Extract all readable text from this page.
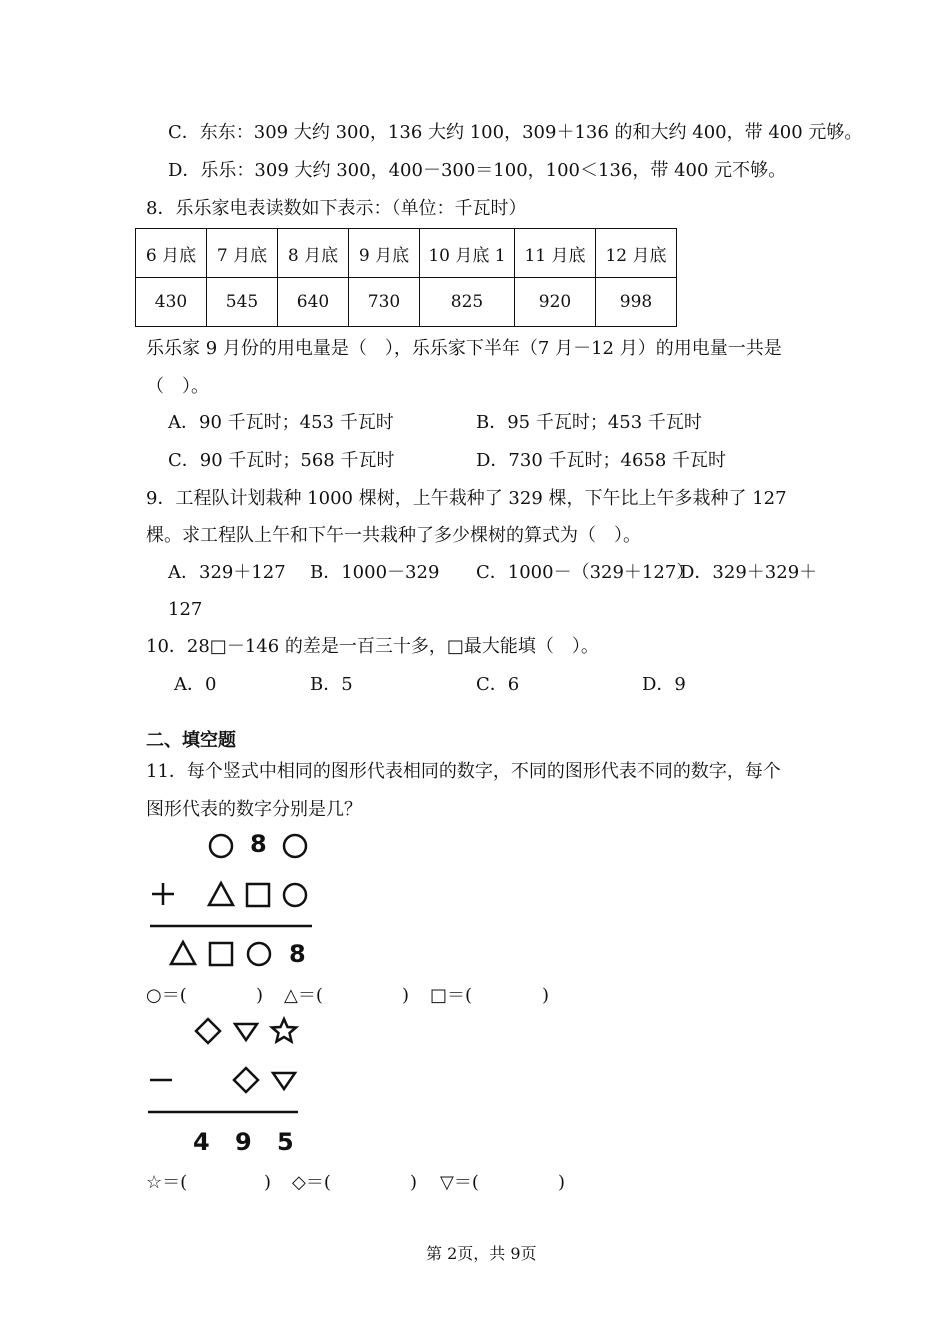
C．东东：309 大约 300，136 大约 100，309＋136 的和大约 400，带 400 元够。
D．乐乐：309 大约 300，400－300＝100，100＜136，带 400 元不够。
8．乐乐家电表读数如下表示：（单位：千瓦时）
6 月底	7 月底	8 月底	9 月底	10 月底 1	11 月底	12 月底
430	545	640	730	825	920	998
乐乐家 9 月份的用电量是（　），乐乐家下半年（7 月－12 月）的用电量一共是
（　）。
A．90 千瓦时；453 千瓦时	B．95 千瓦时；453 千瓦时
C．90 千瓦时；568 千瓦时	D．730 千瓦时；4658 千瓦时
9．工程队计划栽种 1000 棵树，上午栽种了 329 棵，下午比上午多栽种了 127
棵。求工程队上午和下午一共栽种了多少棵树的算式为（　）。
A．329＋127 B．1000－329 C．1000－（329＋127）
D．329＋329＋
127
10．28□－146 的差是一百三十多，□最大能填（　）。
A．0	B．5	C．6	D．9
二、填空题
11．每个竖式中相同的图形代表相同的数字，不同的图形代表不同的数字，每个
图形代表的数字分别是几？
8
8
○＝(	) △＝(	) □＝(	)
4 9 5
☆＝(	) ◇＝(	) ▽＝(	)
第 2页，共 9页
